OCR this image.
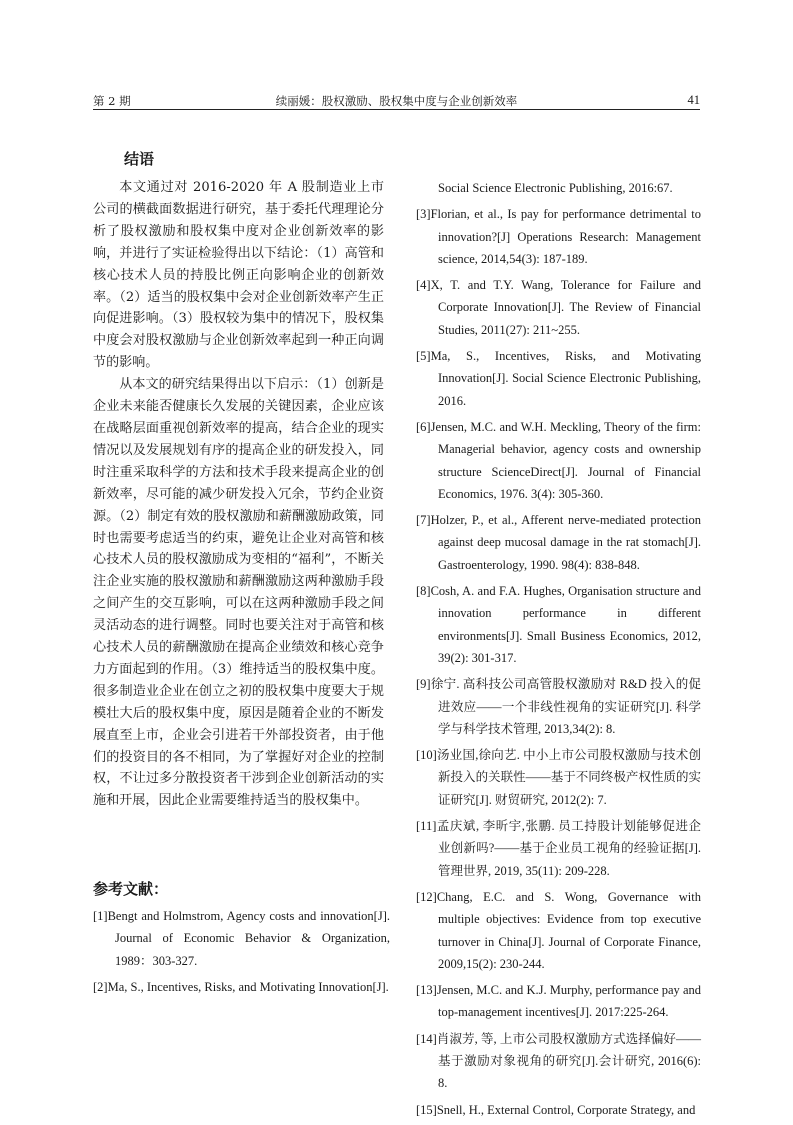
第 2 期	续丽媛：股权激励、股权集中度与企业创新效率	41
结语

本文通过对 2016-2020 年 A 股制造业上市公司的横截面数据进行研究，基于委托代理理论分析了股权激励和股权集中度对企业创新效率的影响，并进行了实证检验得出以下结论：（1）高管和核心技术人员的持股比例正向影响企业的创新效率。（2）适当的股权集中会对企业创新效率产生正向促进影响。（3）股权较为集中的情况下，股权集中度会对股权激励与企业创新效率起到一种正向调节的影响。

从本文的研究结果得出以下启示：（1）创新是企业未来能否健康长久发展的关键因素，企业应该在战略层面重视创新效率的提高，结合企业的现实情况以及发展规划有序的提高企业的研发投入，同时注重采取科学的方法和技术手段来提高企业的创新效率，尽可能的减少研发投入冗余，节约企业资源。（2）制定有效的股权激励和薪酬激励政策，同时也需要考虑适当的约束，避免让企业对高管和核心技术人员的股权激励成为变相的“福利”，不断关注企业实施的股权激励和薪酬激励这两种激励手段之间产生的交互影响，可以在这两种激励手段之间灵活动态的进行调整。同时也要关注对于高管和核心技术人员的薪酬激励在提高企业绩效和核心竞争力方面起到的作用。（3）维持适当的股权集中度。很多制造业企业在创立之初的股权集中度要大于规模壮大后的股权集中度，原因是随着企业的不断发展直至上市，企业会引进若干外部投资者，由于他们的投资目的各不相同，为了掌握好对企业的控制权，不让过多分散投资者干涉到企业创新活动的实施和开展，因此企业需要维持适当的股权集中。

参考文献：

[1]Bengt and Holmstrom, Agency costs and innovation[J]. Journal of Economic Behavior & Organization, 1989：303-327.

[2]Ma, S., Incentives, Risks, and Motivating Innovation[J].

Social Science Electronic Publishing, 2016:67.

[3]Florian, et al., Is pay for performance detrimental to innovation?[J] Operations Research: Management science, 2014,54(3): 187-189.

[4]X, T. and T.Y. Wang, Tolerance for Failure and Corporate Innovation[J]. The Review of Financial Studies, 2011(27): 211~255.

[5]Ma, S., Incentives, Risks, and Motivating Innovation[J]. Social Science Electronic Publishing, 2016.

[6]Jensen, M.C. and W.H. Meckling, Theory of the firm: Managerial behavior, agency costs and ownership structure ScienceDirect[J]. Journal of Financial Economics, 1976. 3(4): 305-360.

[7]Holzer, P., et al., Afferent nerve-mediated protection against deep mucosal damage in the rat stomach[J]. Gastroenterology, 1990. 98(4): 838-848.

[8]Cosh, A. and F.A. Hughes, Organisation structure and innovation performance in different environments[J]. Small Business Economics, 2012, 39(2): 301-317.

[9]徐宁. 高科技公司高管股权激励对 R&D 投入的促进效应——一个非线性视角的实证研究[J]. 科学学与科学技术管理, 2013,34(2): 8.

[10]汤业国,徐向艺. 中小上市公司股权激励与技术创新投入的关联性——基于不同终极产权性质的实证研究[J]. 财贸研究, 2012(2): 7.

[11]孟庆斌, 李昕宇,张鹏. 员工持股计划能够促进企业创新吗?——基于企业员工视角的经验证据[J]. 管理世界, 2019, 35(11): 209-228.

[12]Chang, E.C. and S. Wong, Governance with multiple objectives: Evidence from top executive turnover in China[J]. Journal of Corporate Finance, 2009,15(2): 230-244.

[13]Jensen, M.C. and K.J. Murphy, performance pay and top-management incentives[J]. 2017:225-264.

[14]肖淑芳, 等, 上市公司股权激励方式选择偏好——基于激励对象视角的研究[J].会计研究, 2016(6): 8.

[15]Snell, H., External Control, Corporate Strategy, and
